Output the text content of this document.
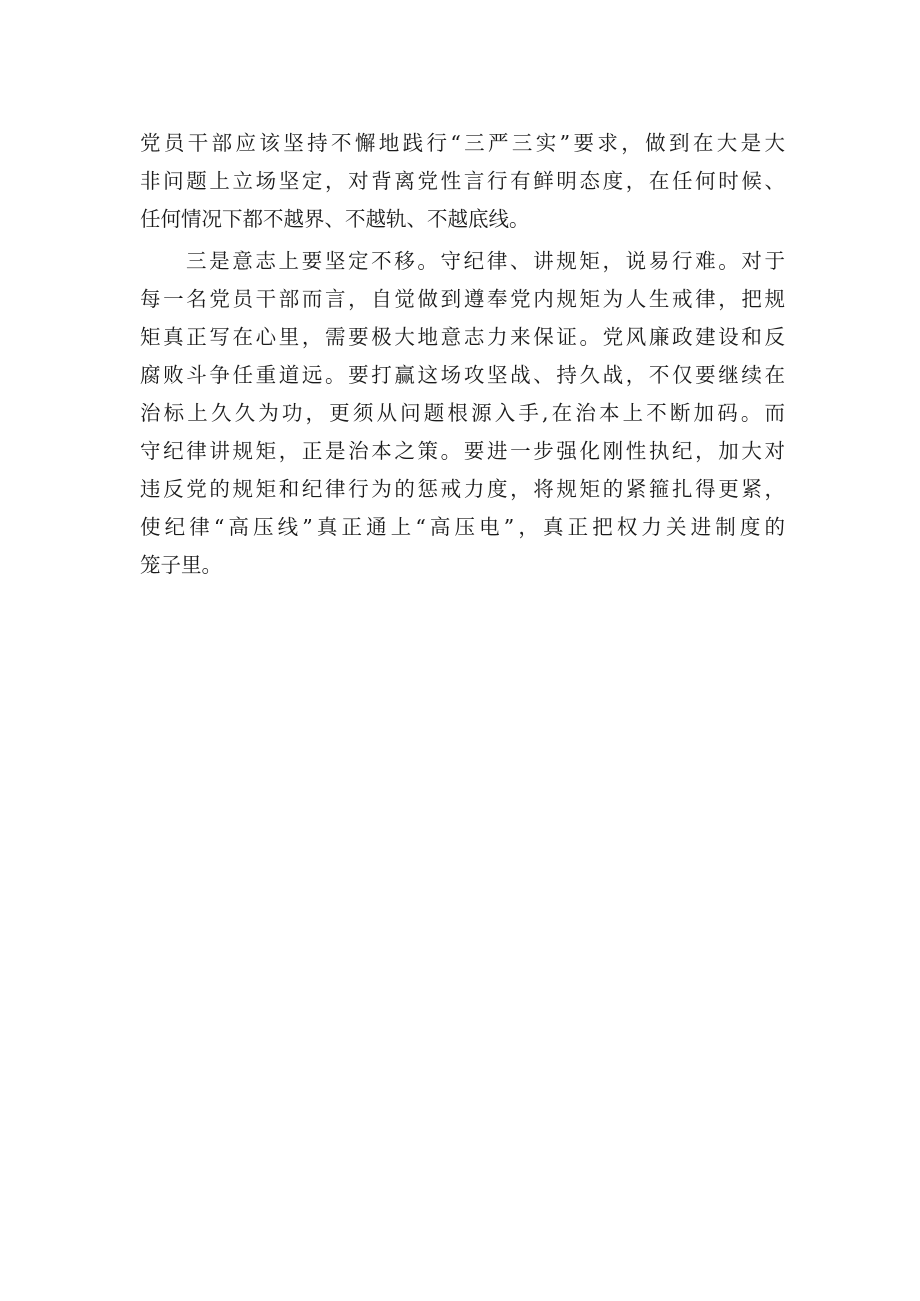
党员干部应该坚持不懈地践行“三严三实”要求，做到在大是大
非问题上立场坚定，对背离党性言行有鲜明态度，在任何时候、
任何情况下都不越界、不越轨、不越底线。
三是意志上要坚定不移。守纪律、讲规矩，说易行难。对于
每一名党员干部而言，自觉做到遵奉党内规矩为人生戒律，把规
矩真正写在心里，需要极大地意志力来保证。党风廉政建设和反
腐败斗争任重道远。要打赢这场攻坚战、持久战，不仅要继续在
治标上久久为功，更须从问题根源入手,在治本上不断加码。而
守纪律讲规矩，正是治本之策。要进一步强化刚性执纪，加大对
违反党的规矩和纪律行为的惩戒力度，将规矩的紧箍扎得更紧，
使纪律“高压线”真正通上“高压电”，真正把权力关进制度的
笼子里。
